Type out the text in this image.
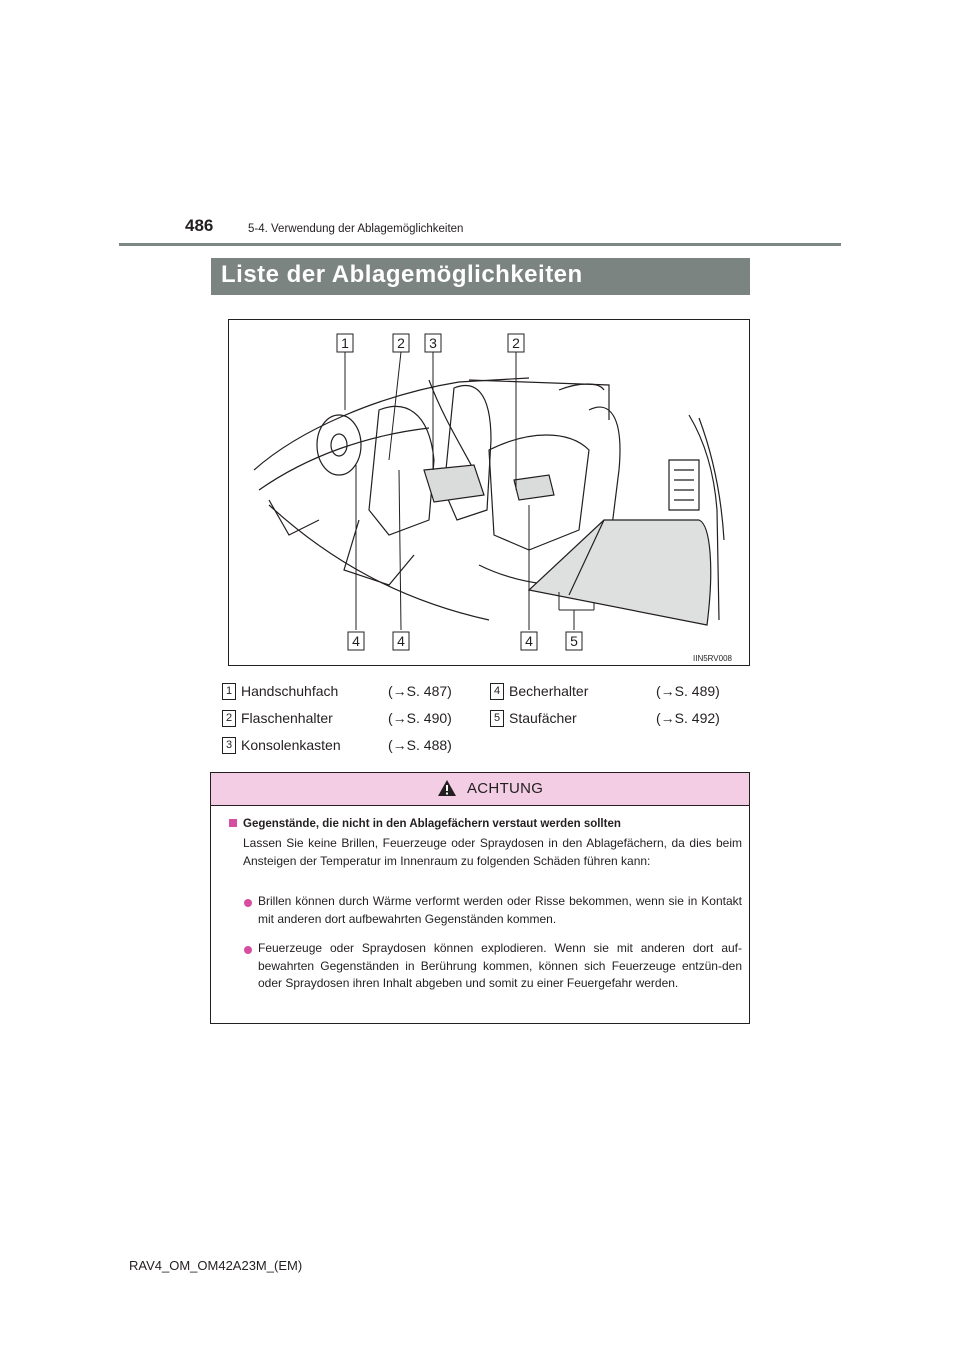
486	5-4. Verwendung der Ablagemöglichkeiten
Liste der Ablagemöglichkeiten
1	2 3	2
4	4	4	5
IIN5RV008
1 Handschuhfach	(→S. 487)
2 Flaschenhalter	(→S. 490)
3 Konsolenkasten	(→S. 488)
4 Becherhalter	(→S. 489)
5 Staufächer	(→S. 492)
ACHTUNG
Gegenstände, die nicht in den Ablagefächern verstaut werden sollten
Lassen Sie keine Brillen, Feuerzeuge oder Spraydosen in den Ablagefächern, da dies beim Ansteigen der Temperatur im Innenraum zu folgenden Schäden führen kann:
Brillen können durch Wärme verformt werden oder Risse bekommen, wenn sie in Kontakt mit anderen dort aufbewahrten Gegenständen kommen.
Feuerzeuge oder Spraydosen können explodieren. Wenn sie mit anderen dort auf-bewahrten Gegenständen in Berührung kommen, können sich Feuerzeuge entzün-den oder Spraydosen ihren Inhalt abgeben und somit zu einer Feuergefahr werden.
RAV4_OM_OM42A23M_(EM)
